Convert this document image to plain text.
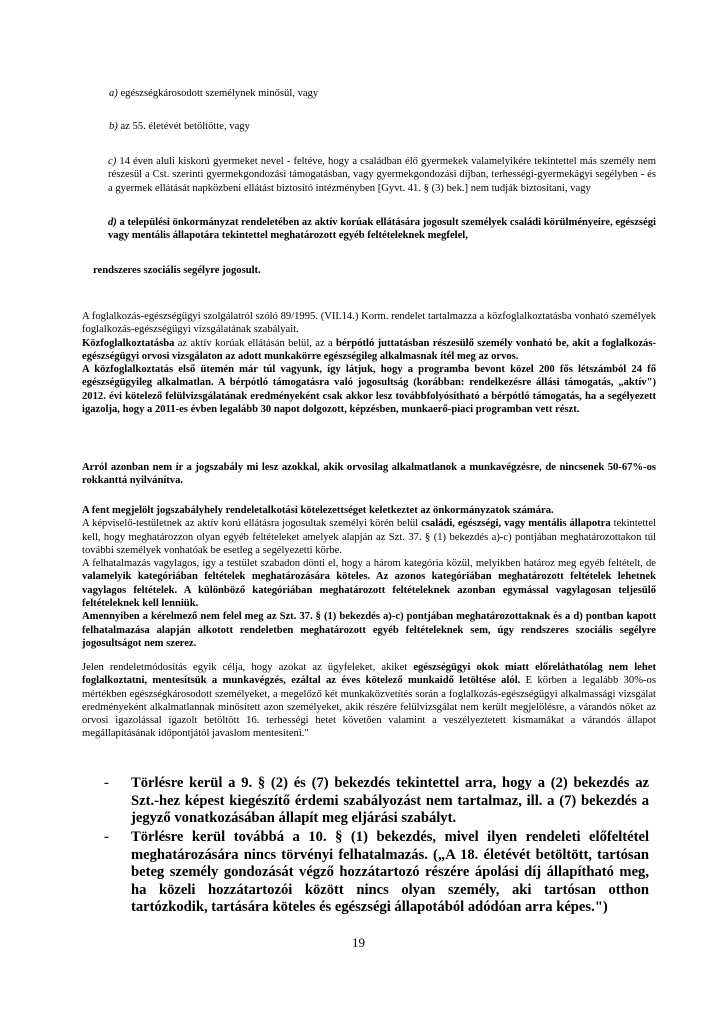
a) egészségkárosodott személynek minősül, vagy

b) az 55. életévét betöltötte, vagy

c) 14 éven aluli kiskorú gyermeket nevel - feltéve, hogy a családban élő gyermekek valamelyikére tekintettel más személy nem részesül a Cst. szerinti gyermekgondozási támogatásban, vagy gyermekgondozási díjban, terhességi-gyermekágyi segélyben - és a gyermek ellátását napközbeni ellátást biztosító intézményben [Gyvt. 41. § (3) bek.] nem tudják biztosítani, vagy

d) a települési önkormányzat rendeletében az aktív korúak ellátására jogosult személyek családi körülményeire, egészségi vagy mentális állapotára tekintettel meghatározott egyéb feltételeknek megfelel,

rendszeres szociális segélyre jogosult.

A foglalkozás-egészségügyi szolgálatról szóló 89/1995. (VII.14.) Korm. rendelet tartalmazza a közfoglalkoztatásba vonható személyek foglalkozás-egészségügyi vizsgálatának szabályait.
Közfoglalkoztatásba az aktív korúak ellátásán belül, az a bérpótló juttatásban részesülő személy vonható be, akit a foglalkozás-egészségügyi orvosi vizsgálaton az adott munkakörre egészségileg alkalmasnak ítél meg az orvos.
A közfoglalkoztatás első ütemén már túl vagyunk, így látjuk, hogy a programba bevont közel 200 fős létszámból 24 fő egészségügyileg alkalmatlan. A bérpótló támogatásra való jogosultság (korábban: rendelkezésre állási támogatás, „aktív") 2012. évi kötelező felülvizsgálatának eredményeként csak akkor lesz továbbfolyósítható a bérpótló támogatás, ha a segélyezett igazolja, hogy a 2011-es évben legalább 30 napot dolgozott, képzésben, munkaerő-piaci programban vett részt.

Arról azonban nem ír a jogszabály mi lesz azokkal, akik orvosilag alkalmatlanok a munkavégzésre, de nincsenek 50-67%-os rokkanttá nyilvánítva.

A fent megjelölt jogszabályhely rendeletalkotási kötelezettséget keletkeztet az önkormányzatok számára.
A képviselő-testületnek az aktív korú ellátásra jogosultak személyi körén belül családi, egészségi, vagy mentális állapotra tekintettel kell, hogy meghatározzon olyan egyéb feltételeket amelyek alapján az Szt. 37. § (1) bekezdés a)-c) pontjában meghatározottakon túl további személyek vonhatóak be esetleg a segélyezetti körbe.
A felhatalmazás vagylagos, így a testület szabadon dönti el, hogy a három kategória közül, melyikben határoz meg egyéb feltételt, de valamelyik kategóriában feltételek meghatározására köteles. Az azonos kategóriában meghatározott feltételek lehetnek vagylagos feltételek. A különböző kategóriában meghatározott feltételeknek azonban egymással vagylagosan teljesülő feltételeknek kell lenniük.
Amennyiben a kérelmező nem felel meg az Szt. 37. § (1) bekezdés a)-c) pontjában meghatározottaknak és a d) pontban kapott felhatalmazása alapján alkotott rendeletben meghatározott egyéb feltételeknek sem, úgy rendszeres szociális segélyre jogosultságot nem szerez.

Jelen rendeletmódosítás egyik célja, hogy azokat az ügyfeleket, akiket egészségügyi okok miatt előreláthatólag nem lehet foglalkoztatni, mentesítsük a munkavégzés, ezáltal az éves kötelező munkaidő letöltése alól. E körben a legalább 30%-os mértékben egészségkárosodott személyeket, a megelőző két munkaközvetítés során a foglalkozás-egészségügyi alkalmassági vizsgálat eredményeként alkalmatlannak minősített azon személyeket, akik részére felülvizsgálat nem került megjelölésre, a várandós nőket az orvosi igazolással igazolt betöltött 16. terhességi hetet követően valamint a veszélyeztetett kismamákat a várandós állapot megállapításának időpontjától javaslom mentesíteni."

- Törlésre kerül a 9. § (2) és (7) bekezdés tekintettel arra, hogy a (2) bekezdés az Szt.-hez képest kiegészítő érdemi szabályozást nem tartalmaz, ill. a (7) bekezdés a jegyző vonatkozásában állapít meg eljárási szabályt.

- Törlésre kerül továbbá a 10. § (1) bekezdés, mivel ilyen rendeleti előfeltétel meghatározására nincs törvényi felhatalmazás. („A 18. életévét betöltött, tartósan beteg személy gondozását végző hozzátartozó részére ápolási díj állapítható meg, ha közeli hozzátartozói között nincs olyan személy, aki tartósan otthon tartózkodik, tartására köteles és egészségi állapotából adódóan arra képes.")

19
